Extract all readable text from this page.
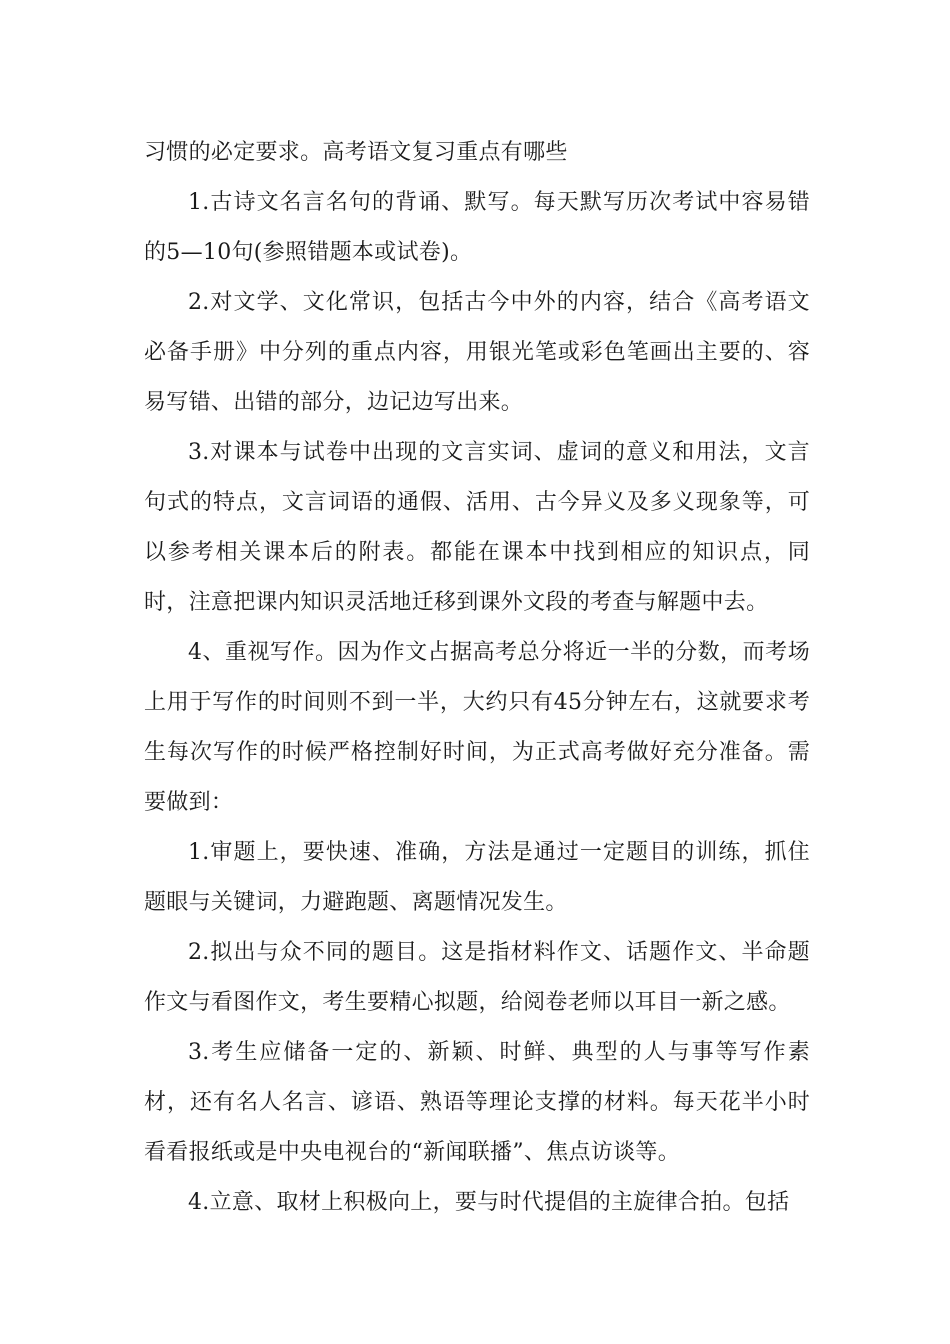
习惯的必定要求。高考语文复习重点有哪些

1.古诗文名言名句的背诵、默写。每天默写历次考试中容易错的5—10句(参照错题本或试卷)。

2.对文学、文化常识，包括古今中外的内容，结合《高考语文必备手册》中分列的重点内容，用银光笔或彩色笔画出主要的、容易写错、出错的部分，边记边写出来。

3.对课本与试卷中出现的文言实词、虚词的意义和用法，文言句式的特点，文言词语的通假、活用、古今异义及多义现象等，可以参考相关课本后的附表。都能在课本中找到相应的知识点，同时，注意把课内知识灵活地迁移到课外文段的考查与解题中去。

4、重视写作。因为作文占据高考总分将近一半的分数，而考场上用于写作的时间则不到一半，大约只有45分钟左右，这就要求考生每次写作的时候严格控制好时间，为正式高考做好充分准备。需要做到：

1.审题上，要快速、准确，方法是通过一定题目的训练，抓住题眼与关键词，力避跑题、离题情况发生。

2.拟出与众不同的题目。这是指材料作文、话题作文、半命题作文与看图作文，考生要精心拟题，给阅卷老师以耳目一新之感。

3.考生应储备一定的、新颖、时鲜、典型的人与事等写作素材，还有名人名言、谚语、熟语等理论支撑的材料。每天花半小时看看报纸或是中央电视台的“新闻联播”、焦点访谈等。

4.立意、取材上积极向上，要与时代提倡的主旋律合拍。包括
